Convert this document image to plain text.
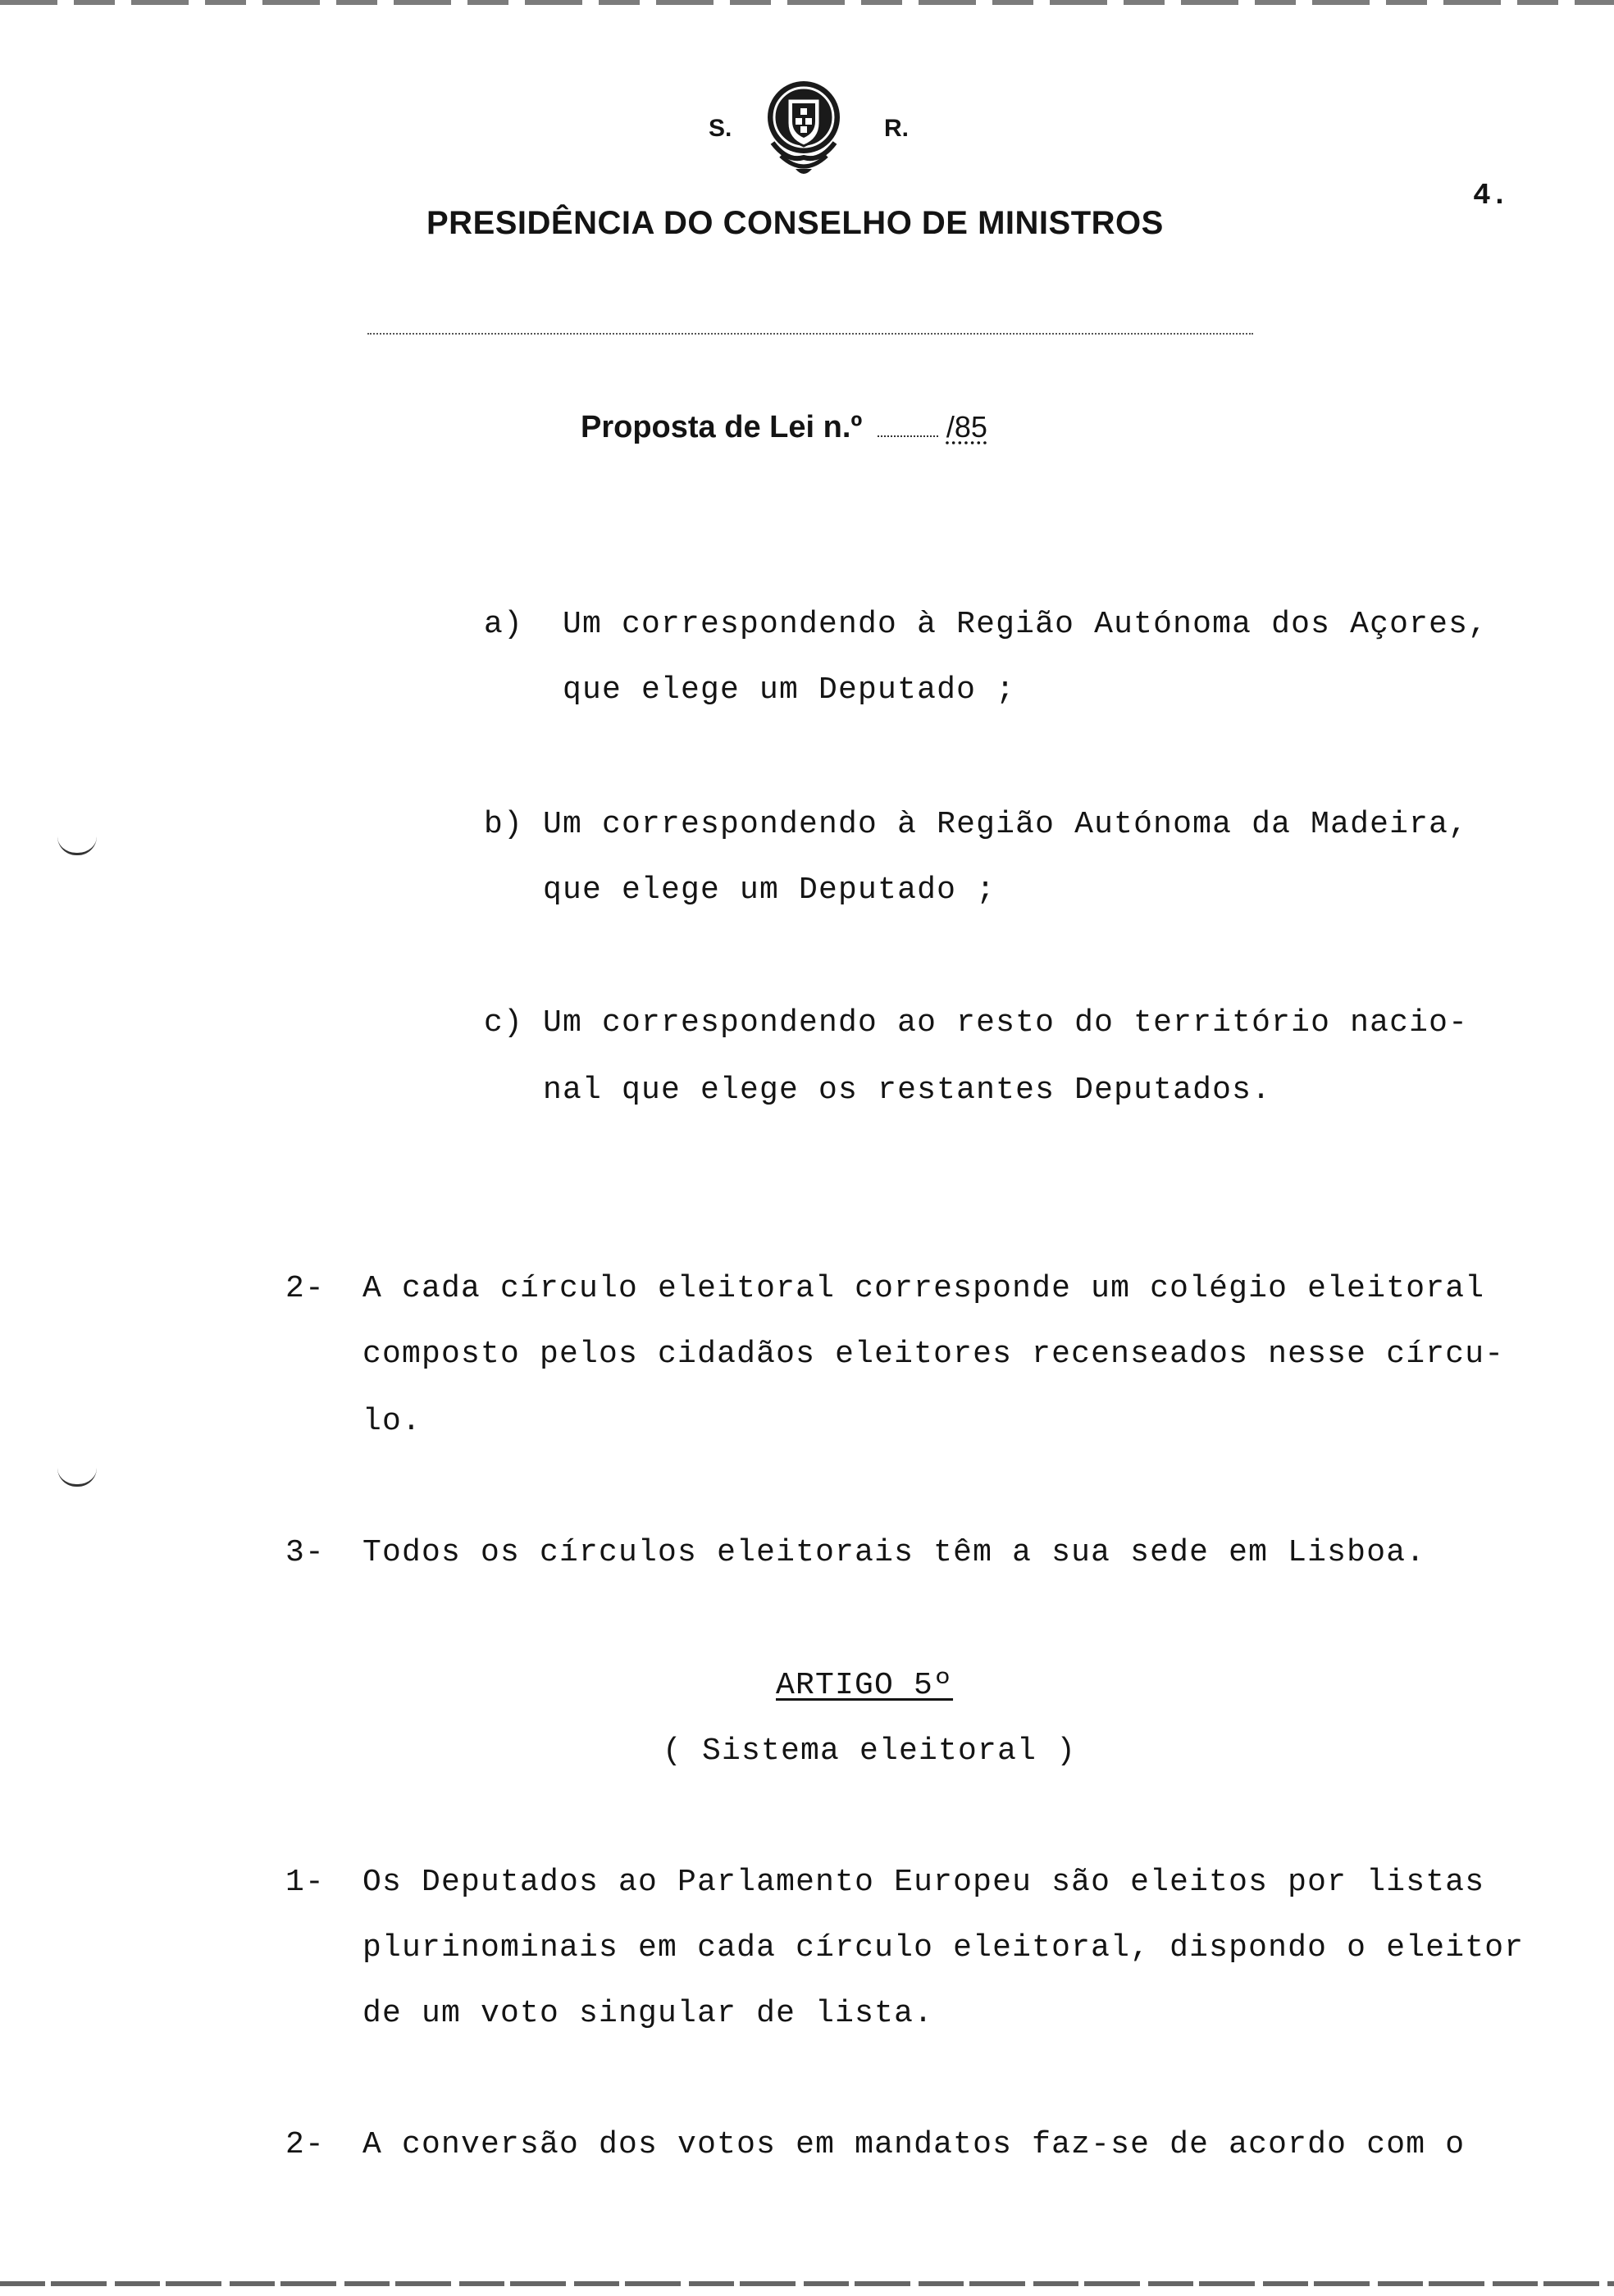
S.	R.
PRESIDÊNCIA DO CONSELHO DE MINISTROS
4.
Proposta de Lei n.º	/85
a) Um correspondendo à Região Autónoma dos Açores,
que elege um Deputado ;
b) Um correspondendo à Região Autónoma da Madeira,
que elege um Deputado ;
c) Um correspondendo ao resto do território nacio-
nal que elege os restantes Deputados.
2- A cada círculo eleitoral corresponde um colégio eleitoral
composto pelos cidadãos eleitores recenseados nesse círcu-
lo.
3- Todos os círculos eleitorais têm a sua sede em Lisboa.
ARTIGO 5º
( Sistema eleitoral )
1- Os Deputados ao Parlamento Europeu são eleitos por listas
plurinominais em cada círculo eleitoral, dispondo o eleitor
de um voto singular de lista.
2- A conversão dos votos em mandatos faz-se de acordo com o
